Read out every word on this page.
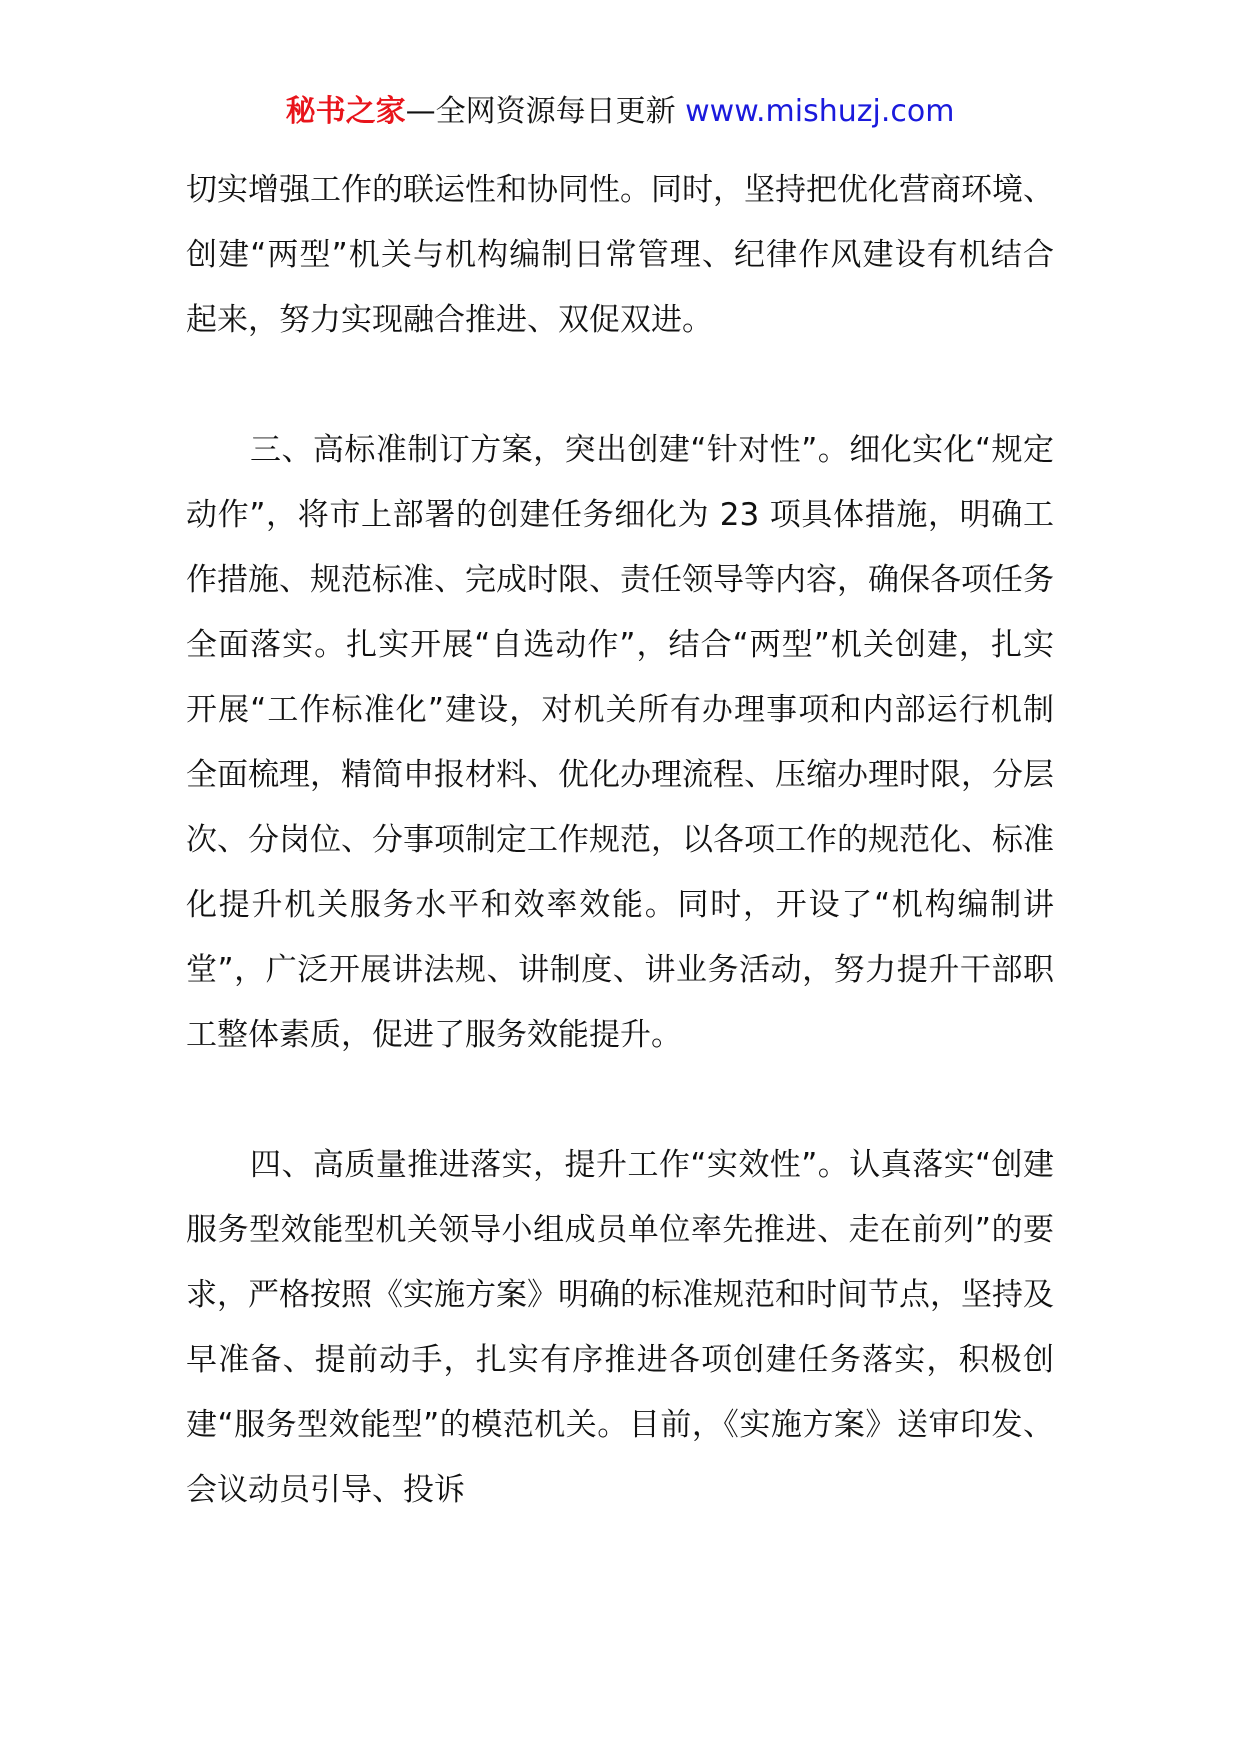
秘书之家—全网资源每日更新 www.mishuzj.com

切实增强工作的联运性和协同性。同时，坚持把优化营商环境、创建“两型”机关与机构编制日常管理、纪律作风建设有机结合起来，努力实现融合推进、双促双进。

三、高标准制订方案，突出创建“针对性”。细化实化“规定动作”，将市上部署的创建任务细化为 23 项具体措施，明确工作措施、规范标准、完成时限、责任领导等内容，确保各项任务全面落实。扎实开展“自选动作”，结合“两型”机关创建，扎实开展“工作标准化”建设，对机关所有办理事项和内部运行机制全面梳理，精简申报材料、优化办理流程、压缩办理时限，分层次、分岗位、分事项制定工作规范，以各项工作的规范化、标准化提升机关服务水平和效率效能。同时，开设了“机构编制讲堂”，广泛开展讲法规、讲制度、讲业务活动，努力提升干部职工整体素质，促进了服务效能提升。

四、高质量推进落实，提升工作“实效性”。认真落实“创建服务型效能型机关领导小组成员单位率先推进、走在前列”的要求，严格按照《实施方案》明确的标准规范和时间节点，坚持及早准备、提前动手，扎实有序推进各项创建任务落实，积极创建“服务型效能型”的模范机关。目前，《实施方案》送审印发、会议动员引导、投诉
